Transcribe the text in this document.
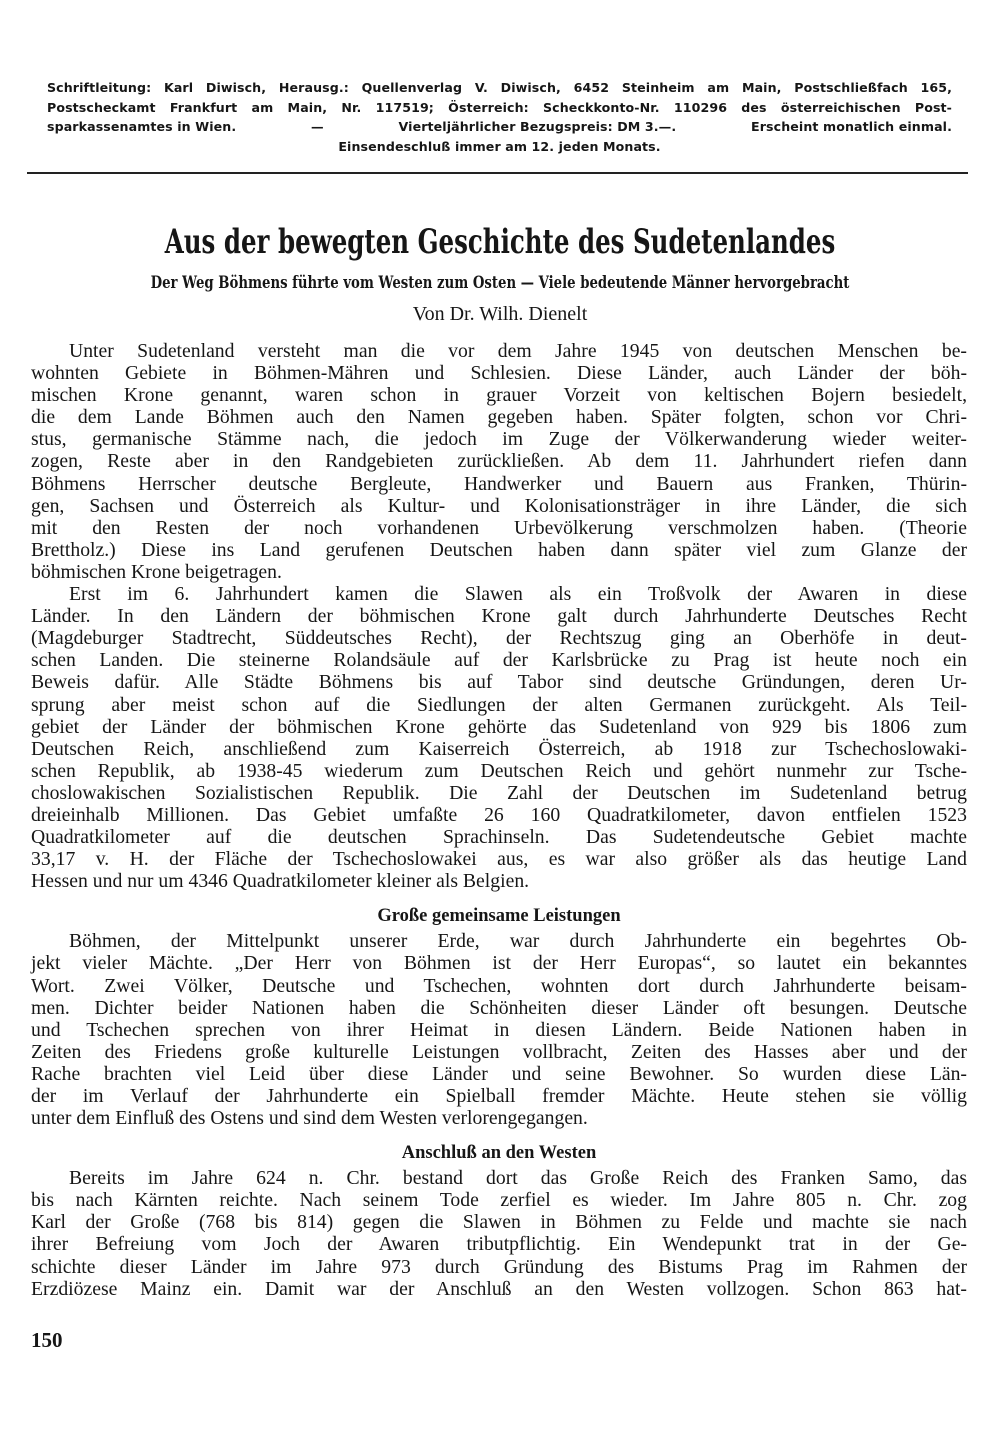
Schriftleitung: Karl Diwisch, Herausg.: Quellenverlag V. Diwisch, 6452 Steinheim am Main, Postschließfach 165,
Postscheckamt Frankfurt am Main, Nr. 117519; Österreich: Scheckkonto-Nr. 110296 des österreichischen Post-
sparkassenamtes in Wien.	—	Vierteljährlicher Bezugspreis: DM 3.—.	Erscheint monatlich einmal.
Einsendeschluß immer am 12. jeden Monats.
Aus der bewegten Geschichte des Sudetenlandes
Der Weg Böhmens führte vom Westen zum Osten — Viele bedeutende Männer hervorgebracht
Von Dr. Wilh. Dienelt

Unter Sudetenland versteht man die vor dem Jahre 1945 von deutschen Menschen be-
wohnten Gebiete in Böhmen-Mähren und Schlesien. Diese Länder, auch Länder der böh-
mischen Krone genannt, waren schon in grauer Vorzeit von keltischen Bojern besiedelt,
die dem Lande Böhmen auch den Namen gegeben haben. Später folgten, schon vor Chri-
stus, germanische Stämme nach, die jedoch im Zuge der Völkerwanderung wieder weiter-
zogen, Reste aber in den Randgebieten zurückließen. Ab dem 11. Jahrhundert riefen dann
Böhmens Herrscher deutsche Bergleute, Handwerker und Bauern aus Franken, Thürin-
gen, Sachsen und Österreich als Kultur- und Kolonisationsträger in ihre Länder, die sich
mit den Resten der noch vorhandenen Urbevölkerung verschmolzen haben. (Theorie
Brettholz.) Diese ins Land gerufenen Deutschen haben dann später viel zum Glanze der
böhmischen Krone beigetragen.

Erst im 6. Jahrhundert kamen die Slawen als ein Troßvolk der Awaren in diese
Länder. In den Ländern der böhmischen Krone galt durch Jahrhunderte Deutsches Recht
(Magdeburger Stadtrecht, Süddeutsches Recht), der Rechtszug ging an Oberhöfe in deut-
schen Landen. Die steinerne Rolandsäule auf der Karlsbrücke zu Prag ist heute noch ein
Beweis dafür. Alle Städte Böhmens bis auf Tabor sind deutsche Gründungen, deren Ur-
sprung aber meist schon auf die Siedlungen der alten Germanen zurückgeht. Als Teil-
gebiet der Länder der böhmischen Krone gehörte das Sudetenland von 929 bis 1806 zum
Deutschen Reich, anschließend zum Kaiserreich Österreich, ab 1918 zur Tschechoslowaki-
schen Republik, ab 1938-45 wiederum zum Deutschen Reich und gehört nunmehr zur Tsche-
choslowakischen Sozialistischen Republik. Die Zahl der Deutschen im Sudetenland betrug
dreieinhalb Millionen. Das Gebiet umfaßte 26 160 Quadratkilometer, davon entfielen 1523
Quadratkilometer auf die deutschen Sprachinseln. Das Sudetendeutsche Gebiet machte
33,17 v. H. der Fläche der Tschechoslowakei aus, es war also größer als das heutige Land
Hessen und nur um 4346 Quadratkilometer kleiner als Belgien.

Große gemeinsame Leistungen

Böhmen, der Mittelpunkt unserer Erde, war durch Jahrhunderte ein begehrtes Ob-
jekt vieler Mächte. „Der Herr von Böhmen ist der Herr Europas“, so lautet ein bekanntes
Wort. Zwei Völker, Deutsche und Tschechen, wohnten dort durch Jahrhunderte beisam-
men. Dichter beider Nationen haben die Schönheiten dieser Länder oft besungen. Deutsche
und Tschechen sprechen von ihrer Heimat in diesen Ländern. Beide Nationen haben in
Zeiten des Friedens große kulturelle Leistungen vollbracht, Zeiten des Hasses aber und der
Rache brachten viel Leid über diese Länder und seine Bewohner. So wurden diese Län-
der im Verlauf der Jahrhunderte ein Spielball fremder Mächte. Heute stehen sie völlig
unter dem Einfluß des Ostens und sind dem Westen verlorengegangen.

Anschluß an den Westen

Bereits im Jahre 624 n. Chr. bestand dort das Große Reich des Franken Samo, das
bis nach Kärnten reichte. Nach seinem Tode zerfiel es wieder. Im Jahre 805 n. Chr. zog
Karl der Große (768 bis 814) gegen die Slawen in Böhmen zu Felde und machte sie nach
ihrer Befreiung vom Joch der Awaren tributpflichtig. Ein Wendepunkt trat in der Ge-
schichte dieser Länder im Jahre 973 durch Gründung des Bistums Prag im Rahmen der
Erzdiözese Mainz ein. Damit war der Anschluß an den Westen vollzogen. Schon 863 hat-

150
